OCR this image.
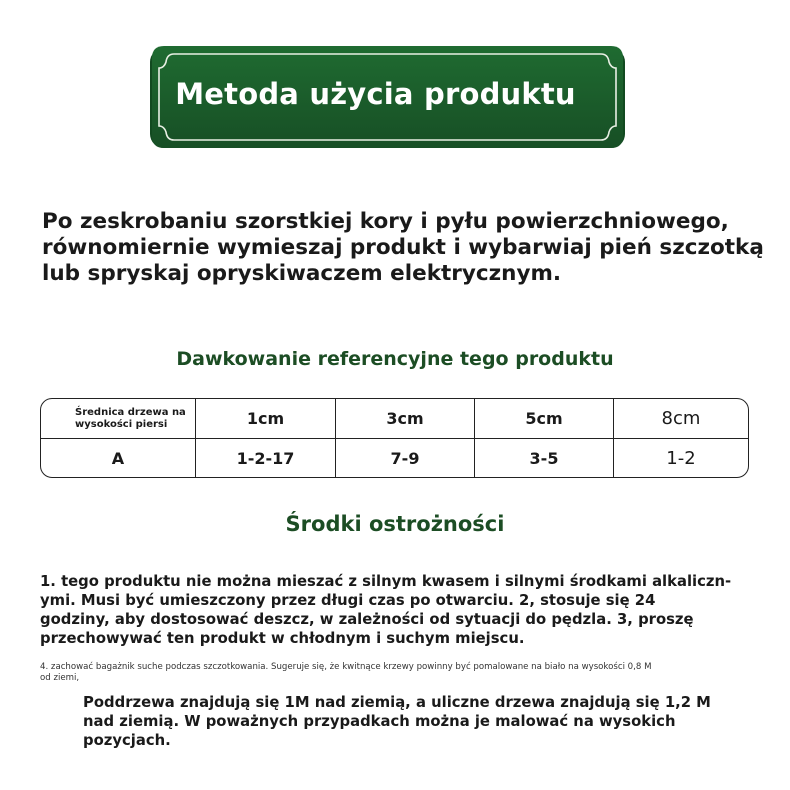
Metoda użycia produktu
Po zeskrobaniu szorstkiej kory i pyłu powierzchniowego,
równomiernie wymieszaj produkt i wybarwiaj pień szczotką
lub spryskaj opryskiwaczem elektrycznym.
Dawkowanie referencyjne tego produktu
Średnica drzewa na
wysokości piersi	1cm	3cm	5cm	8cm
A	1-2-17	7-9	3-5	1-2
Środki ostrożności
1. tego produktu nie można mieszać z silnym kwasem i silnymi środkami alkaliczn-
ymi. Musi być umieszczony przez długi czas po otwarciu. 2, stosuje się 24
godziny, aby dostosować deszcz, w zależności od sytuacji do pędzla. 3, proszę
przechowywać ten produkt w chłodnym i suchym miejscu.
4. zachować bagażnik suche podczas szczotkowania. Sugeruje się, że kwitnące krzewy powinny być pomalowane na biało na wysokości 0,8 M
od ziemi,
Poddrzewa znajdują się 1M nad ziemią, a uliczne drzewa znajdują się 1,2 M
nad ziemią. W poważnych przypadkach można je malować na wysokich
pozycjach.
